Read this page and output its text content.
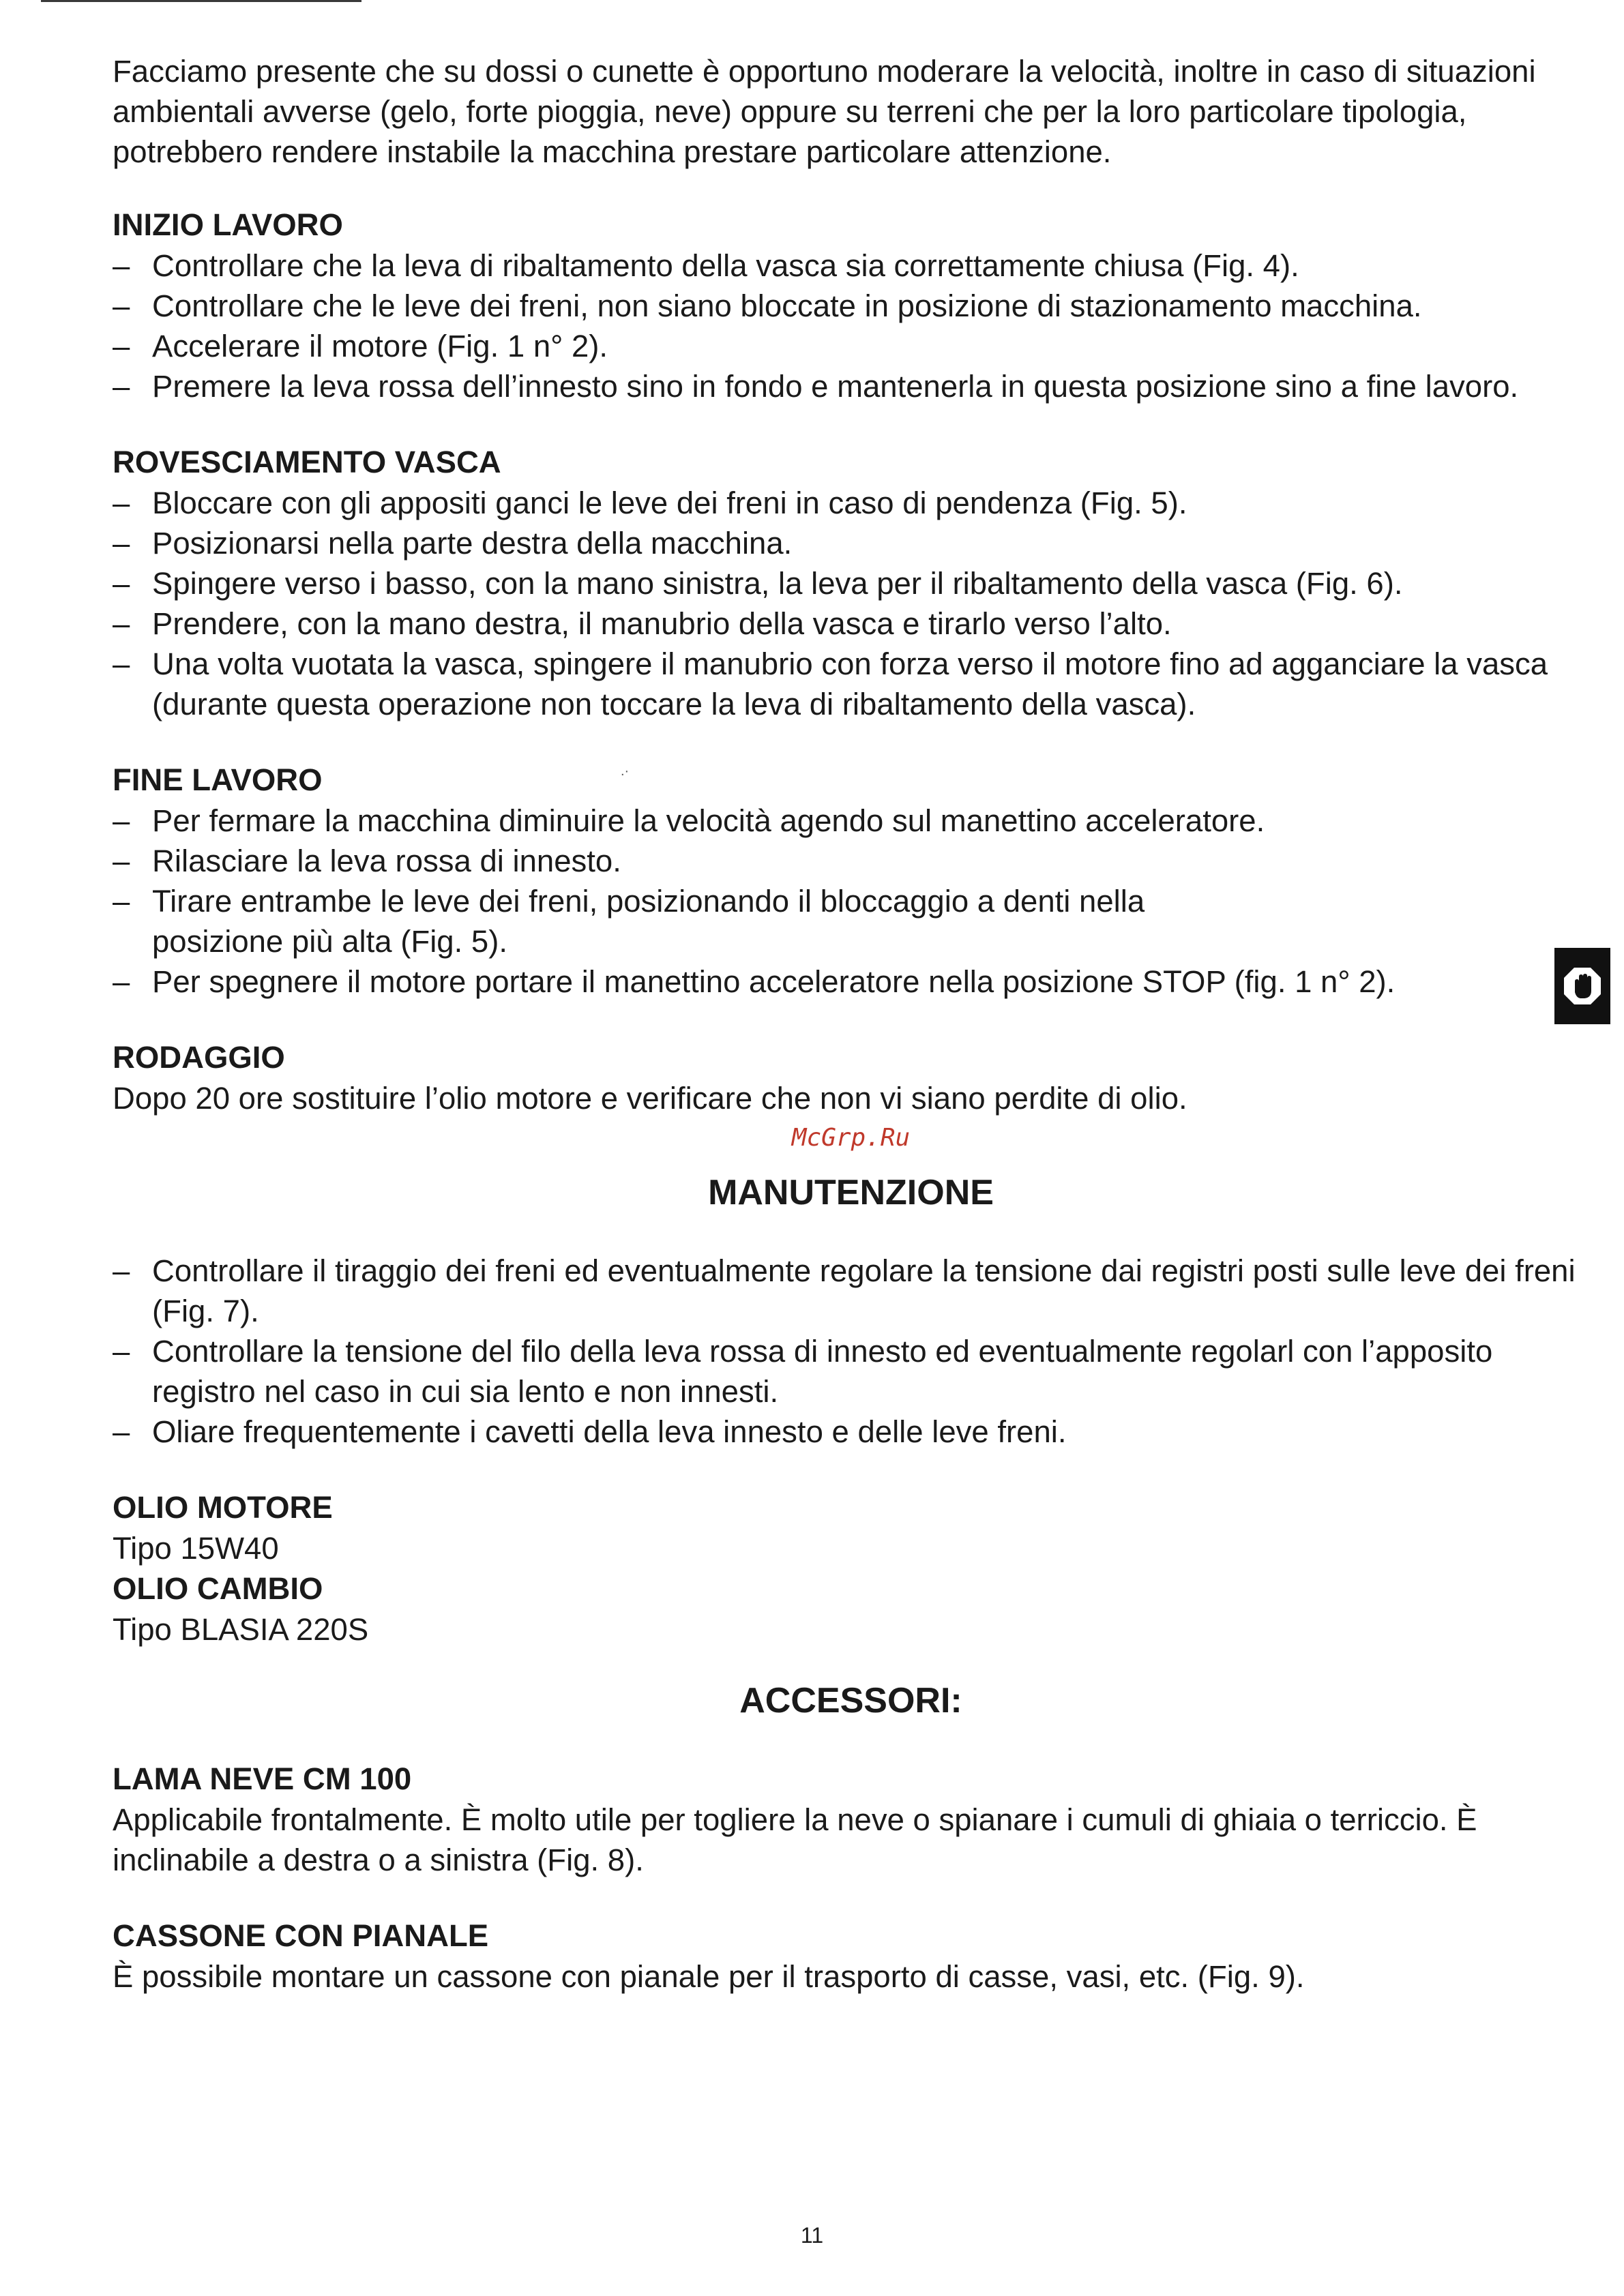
.·

Facciamo presente che su dossi o cunette è opportuno moderare la velocità, inoltre in caso di situazioni ambientali avverse (gelo, forte pioggia, neve) oppure su terreni che per la loro particolare tipologia, potrebbero rendere instabile la macchina prestare particolare attenzione.

INIZIO LAVORO
– Controllare che la leva di ribaltamento della vasca sia correttamente chiusa (Fig. 4).
– Controllare che le leve dei freni, non siano bloccate in posizione di stazionamento macchina.
– Accelerare il motore (Fig. 1 n° 2).
– Premere la leva rossa dell’innesto sino in fondo e mantenerla in questa posizione sino a fine lavoro.
ROVESCIAMENTO VASCA
– Bloccare con gli appositi ganci le leve dei freni in caso di pendenza (Fig. 5).
– Posizionarsi nella parte destra della macchina.
– Spingere verso i basso, con la mano sinistra, la leva per il ribaltamento della vasca (Fig. 6).
– Prendere, con la mano destra, il manubrio della vasca e tirarlo verso l’alto.
– Una volta vuotata la vasca, spingere il manubrio con forza verso il motore fino ad agganciare la vasca (durante questa operazione non toccare la leva di ribaltamento della vasca).
FINE LAVORO
– Per fermare la macchina diminuire la velocità agendo sul manettino acceleratore.
– Rilasciare la leva rossa di innesto.
– Tirare entrambe le leve dei freni, posizionando il bloccaggio a denti nella posizione più alta (Fig. 5).
– Per spegnere il motore portare il manettino acceleratore nella posizione STOP (fig. 1 n° 2).
RODAGGIO

Dopo 20 ore sostituire l’olio motore e verificare che non vi siano perdite di olio.

McGrp.Ru
MANUTENZIONE
– Controllare il tiraggio dei freni ed eventualmente regolare la tensione dai registri posti sulle leve dei freni (Fig. 7).
– Controllare la tensione del filo della leva rossa di innesto ed eventualmente regolarl con l’apposito registro nel caso in cui sia lento e non innesti.
– Oliare frequentemente i cavetti della leva innesto e delle leve freni.
OLIO MOTORE

Tipo 15W40

OLIO CAMBIO

Tipo BLASIA 220S

ACCESSORI:
LAMA NEVE CM 100

Applicabile frontalmente. È molto utile per togliere la neve o spianare i cumuli di ghiaia o terriccio. È inclinabile a destra o a sinistra (Fig. 8).

CASSONE CON PIANALE

È possibile montare un cassone con pianale per il trasporto di casse, vasi, etc. (Fig. 9).

11
